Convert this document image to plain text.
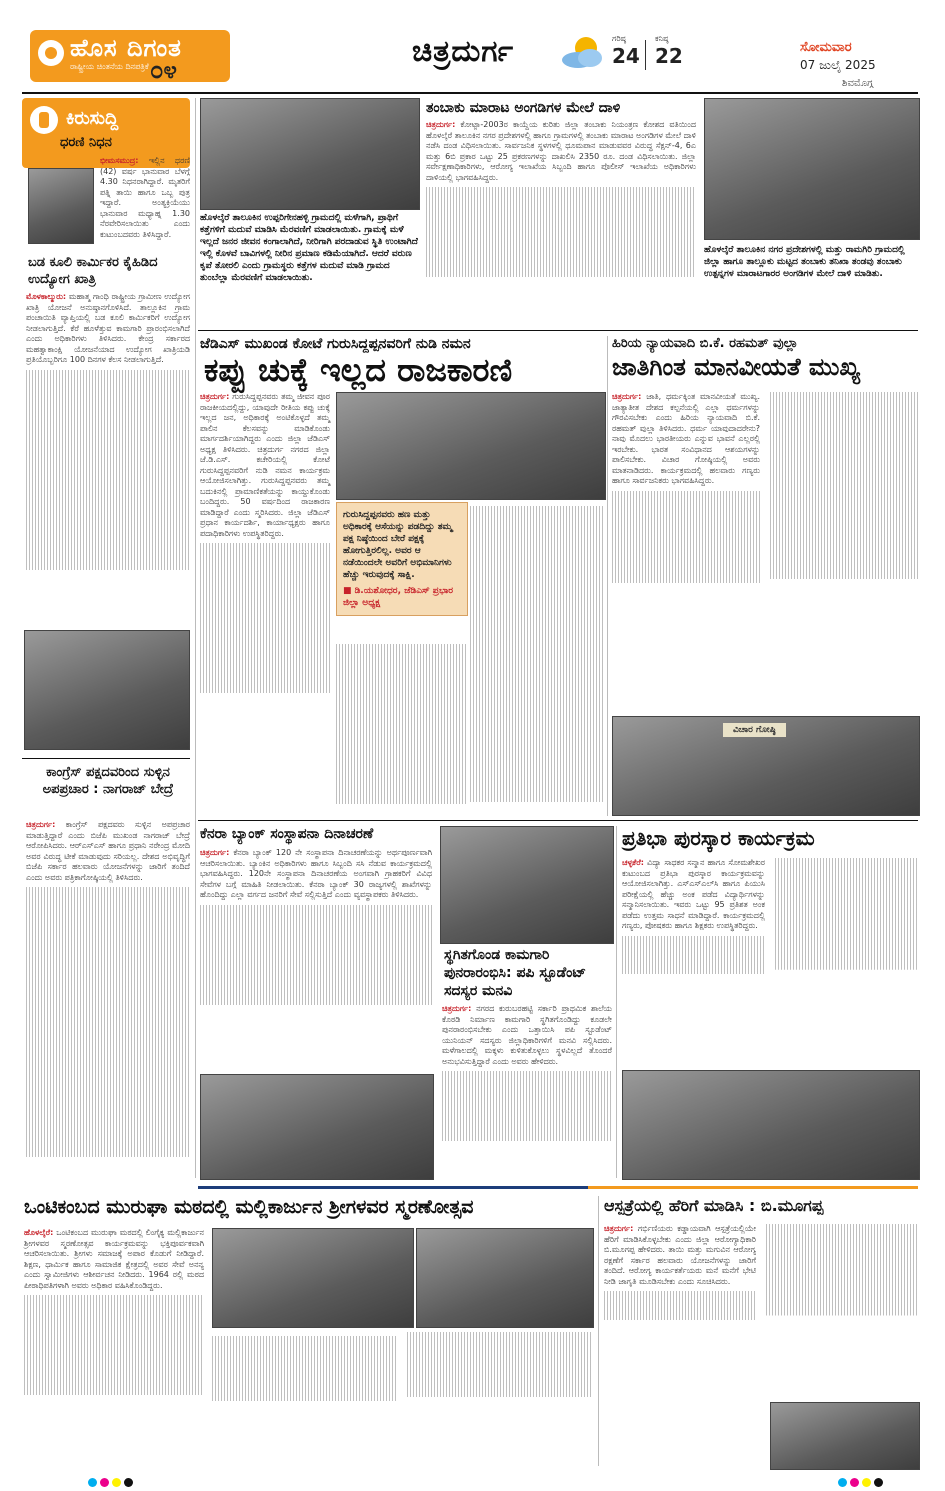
ಹೊಸ ದಿಗಂತ
ರಾಷ್ಟ್ರೀಯ ಚಿಂತನೆಯ ದಿನಪತ್ರಿಕೆ ೦೪
ಚಿತ್ರದುರ್ಗ	ಗರಿಷ್ಠ
24
ಕನಿಷ್ಠ
22	ಸೋಮವಾರ
07 ಜುಲೈ 2025
ಶಿವಮೊಗ್ಗ
ಕಿರುಸುದ್ದಿ
ಧರಣಿ ನಿಧನ
ಭೀಮಸಮುದ್ರ: ಇಲ್ಲಿನ ಧರಣಿ (42) ವರ್ಷ ಭಾನುವಾರ ಬೆಳಗ್ಗೆ 4.30 ನಿಧನರಾಗಿದ್ದಾರೆ. ಮೃತರಿಗೆ ಪತ್ನಿ ತಾಯಿ ಹಾಗೂ ಒಬ್ಬ ಪುತ್ರ ಇದ್ದಾರೆ. ಅಂತ್ಯಕ್ರಿಯೆಯು ಭಾನುವಾರ ಮಧ್ಯಾಹ್ನ 1.30 ನೆರವೇರಿಸಲಾಯಿತು ಎಂದು ಕುಟುಂಬದವರು ತಿಳಿಸಿದ್ದಾರೆ.
ಬಡ ಕೂಲಿ ಕಾರ್ಮಿಕರ ಕೈಹಿಡಿದ ಉದ್ಯೋಗ ಖಾತ್ರಿ
ಮೊಳಕಾಲ್ಮುರು: ಮಹಾತ್ಮ ಗಾಂಧಿ ರಾಷ್ಟ್ರೀಯ ಗ್ರಾಮೀಣ ಉದ್ಯೋಗ ಖಾತ್ರಿ ಯೋಜನೆ ಅನುಷ್ಠಾನಗೊಳಿಸಿದೆ. ತಾಲ್ಲೂಕಿನ ಗ್ರಾಮ ಪಂಚಾಯಿತಿ ವ್ಯಾಪ್ತಿಯಲ್ಲಿ ಬಡ ಕೂಲಿ ಕಾರ್ಮಿಕರಿಗೆ ಉದ್ಯೋಗ ನೀಡಲಾಗುತ್ತಿದೆ. ಕೆರೆ ಹೂಳೆತ್ತುವ ಕಾಮಗಾರಿ ಪ್ರಾರಂಭಿಸಲಾಗಿದೆ ಎಂದು ಅಧಿಕಾರಿಗಳು ತಿಳಿಸಿದರು. ಕೇಂದ್ರ ಸರ್ಕಾರದ ಮಹತ್ವಾಕಾಂಕ್ಷಿ ಯೋಜನೆಯಾದ ಉದ್ಯೋಗ ಖಾತ್ರಿಯಡಿ ಪ್ರತಿಯೊಬ್ಬರಿಗೂ 100 ದಿನಗಳ ಕೆಲಸ ನೀಡಲಾಗುತ್ತಿದೆ.
ಕಾಂಗ್ರೆಸ್ ಪಕ್ಷದವರಿಂದ ಸುಳ್ಳಿನ ಅಪಪ್ರಚಾರ : ನಾಗರಾಜ್ ಬೇದ್ರೆ
ಚಿತ್ರದುರ್ಗ: ಕಾಂಗ್ರೆಸ್ ಪಕ್ಷದವರು ಸುಳ್ಳಿನ ಅಪಪ್ರಚಾರ ಮಾಡುತ್ತಿದ್ದಾರೆ ಎಂದು ಬಿಜೆಪಿ ಮುಖಂಡ ನಾಗರಾಜ್ ಬೇದ್ರೆ ಆರೋಪಿಸಿದರು. ಆರ್‌ಎಸ್‌ಎಸ್ ಹಾಗೂ ಪ್ರಧಾನಿ ನರೇಂದ್ರ ಮೋದಿ ಅವರ ವಿರುದ್ಧ ಟೀಕೆ ಮಾಡುವುದು ಸರಿಯಲ್ಲ. ದೇಶದ ಅಭಿವೃದ್ಧಿಗೆ ಬಿಜೆಪಿ ಸರ್ಕಾರ ಹಲವಾರು ಯೋಜನೆಗಳನ್ನು ಜಾರಿಗೆ ತಂದಿದೆ ಎಂದು ಅವರು ಪತ್ರಿಕಾಗೋಷ್ಠಿಯಲ್ಲಿ ತಿಳಿಸಿದರು.
ಹೊಳಲ್ಕೆರೆ ತಾಲೂಕಿನ ಉಪ್ಪರಿಗೇನಹಳ್ಳಿ ಗ್ರಾಮದಲ್ಲಿ ಮಳೆಗಾಗಿ, ಪ್ರಾಥಿಗೆ ಕತ್ತೆಗಳಿಗೆ ಮದುವೆ ಮಾಡಿಸಿ ಮೆರವಣಿಗೆ ಮಾಡಲಾಯಿತು. ಗ್ರಾಮಕ್ಕೆ ಮಳೆ ಇಲ್ಲದೆ ಜನರ ಜೀವನ ಕಂಗಾಲಾಗಿದೆ, ನೀರಿಗಾಗಿ ಪರದಾಡುವ ಸ್ಥಿತಿ ಉಂಟಾಗಿದೆ ಇಲ್ಲಿ ಕೊಳವೆ ಬಾವಿಗಳಲ್ಲಿ ನೀರಿನ ಪ್ರಮಾಣ ಕಡಿಮೆಯಾಗಿದೆ. ಆದರೆ ವರುಣ ಕೃಪೆ ತೋರಲಿ ಎಂದು ಗ್ರಾಮಸ್ಥರು ಕತ್ತೆಗಳ ಮದುವೆ ಮಾಡಿ ಗ್ರಾಮದ ತುಂಬೆಲ್ಲಾ ಮೆರವಣಿಗೆ ಮಾಡಲಾಯಿತು.
ತಂಬಾಕು ಮಾರಾಟ ಅಂಗಡಿಗಳ ಮೇಲೆ ದಾಳಿ
ಚಿತ್ರದುರ್ಗ: ಕೋಟ್ಪಾ-2003ರ ಕಾಯ್ದೆಯ ಕುರಿತು ಜಿಲ್ಲಾ ತಂಬಾಕು ನಿಯಂತ್ರಣ ಕೋಶದ ವತಿಯಿಂದ ಹೊಳಲ್ಕೆರೆ ತಾಲೂಕಿನ ನಗರ ಪ್ರದೇಶಗಳಲ್ಲಿ ಹಾಗೂ ಗ್ರಾಮಗಳಲ್ಲಿ ತಂಬಾಕು ಮಾರಾಟ ಅಂಗಡಿಗಳ ಮೇಲೆ ದಾಳಿ ನಡೆಸಿ ದಂಡ ವಿಧಿಸಲಾಯಿತು. ಸಾರ್ವಜನಿಕ ಸ್ಥಳಗಳಲ್ಲಿ ಧೂಮಪಾನ ಮಾಡುವವರ ವಿರುದ್ಧ ಸೆಕ್ಷನ್-4, 6ಎ ಮತ್ತು 6ಬಿ ಪ್ರಕಾರ ಒಟ್ಟು 25 ಪ್ರಕರಣಗಳನ್ನು ದಾಖಲಿಸಿ 2350 ರೂ. ದಂಡ ವಿಧಿಸಲಾಯಿತು. ಜಿಲ್ಲಾ ಸರ್ವೇಕ್ಷಣಾಧಿಕಾರಿಗಳು, ಆರೋಗ್ಯ ಇಲಾಖೆಯ ಸಿಬ್ಬಂದಿ ಹಾಗೂ ಪೊಲೀಸ್ ಇಲಾಖೆಯ ಅಧಿಕಾರಿಗಳು ದಾಳಿಯಲ್ಲಿ ಭಾಗವಹಿಸಿದ್ದರು.
ಹೊಳಲ್ಕೆರೆ ತಾಲೂಕಿನ ನಗರ ಪ್ರದೇಶಗಳಲ್ಲಿ ಮತ್ತು ರಾಮಗಿರಿ ಗ್ರಾಮದಲ್ಲಿ ಜಿಲ್ಲಾ ಹಾಗೂ ತಾಲ್ಲೂಕು ಮಟ್ಟದ ತಂಬಾಕು ತನಿಖಾ ತಂಡವು ತಂಬಾಕು ಉತ್ಪನ್ನಗಳ ಮಾರಾಟಗಾರರ ಅಂಗಡಿಗಳ ಮೇಲೆ ದಾಳಿ ಮಾಡಿತು.
ಜೆಡಿಎಸ್ ಮುಖಂಡ ಕೋಟೆ ಗುರುಸಿದ್ದಪ್ಪನವರಿಗೆ ನುಡಿ ನಮನ
ಕಪ್ಪು ಚುಕ್ಕೆ ಇಲ್ಲದ ರಾಜಕಾರಣಿ
ಚಿತ್ರದುರ್ಗ: ಗುರುಸಿದ್ದಪ್ಪನವರು ತಮ್ಮ ಜೀವನ ಪೂರ ರಾಜಕೀಯದಲ್ಲಿದ್ದು, ಯಾವುದೇ ರೀತಿಯ ಕಪ್ಪು ಚುಕ್ಕೆ ಇಲ್ಲದ ಜನ, ಅಧಿಕಾರಕ್ಕೆ ಅಂಟಿಕೊಳ್ಳದೆ ತಮ್ಮ ಪಾಲಿನ ಕೆಲಸವನ್ನು ಮಾಡಿಕೊಂಡು ಮಾರ್ಗದರ್ಶಿಯಾಗಿದ್ದರು ಎಂದು ಜಿಲ್ಲಾ ಜೆಡಿಎಸ್ ಅಧ್ಯಕ್ಷ ತಿಳಿಸಿದರು. ಚಿತ್ರದುರ್ಗ ನಗರದ ಜಿಲ್ಲಾ ಜೆ.ಡಿ.ಎಸ್. ಕಚೇರಿಯಲ್ಲಿ ಕೋಟೆ ಗುರುಸಿದ್ದಪ್ಪನವರಿಗೆ ನುಡಿ ನಮನ ಕಾರ್ಯಕ್ರಮ ಆಯೋಜಿಸಲಾಗಿತ್ತು. ಗುರುಸಿದ್ದಪ್ಪನವರು ತಮ್ಮ ಬದುಕಿನಲ್ಲಿ ಪ್ರಾಮಾಣಿಕತೆಯನ್ನು ಕಾಯ್ದುಕೊಂಡು ಬಂದಿದ್ದರು. 50 ವರ್ಷದಿಂದ ರಾಜಕಾರಣ ಮಾಡಿದ್ದಾರೆ ಎಂದು ಸ್ಮರಿಸಿದರು. ಜಿಲ್ಲಾ ಜೆಡಿಎಸ್ ಪ್ರಧಾನ ಕಾರ್ಯದರ್ಶಿ, ಕಾರ್ಯಾಧ್ಯಕ್ಷರು ಹಾಗೂ ಪದಾಧಿಕಾರಿಗಳು ಉಪಸ್ಥಿತರಿದ್ದರು.
ಗುರುಸಿದ್ದಪ್ಪನವರು ಹಣ ಮತ್ತು ಅಧಿಕಾರಕ್ಕೆ ಆಸೆಯನ್ನು ಪಡದಿದ್ದು ತಮ್ಮ ಪಕ್ಷ ನಿಷ್ಠೆಯಿಂದ ಬೇರೆ ಪಕ್ಷಕ್ಕೆ ಹೋಗುತ್ತಿರಲಿಲ್ಲ. ಅವರ ಆ ನಡೆಯಿಂದಲೇ ಅವರಿಗೆ ಅಭಿಮಾನಿಗಳು ಹೆಚ್ಚು ಇರುವುದಕ್ಕೆ ಸಾಕ್ಷಿ.
■ ಡಿ.ಯಶೋಧರ, ಜೆಡಿಎಸ್ ಪ್ರಭಾರ ಜಿಲ್ಲಾ ಅಧ್ಯಕ್ಷ
ಹಿರಿಯ ನ್ಯಾಯವಾದಿ ಬಿ.ಕೆ. ರಹಮತ್ ವುಲ್ಲಾ
ಜಾತಿಗಿಂತ ಮಾನವೀಯತೆ ಮುಖ್ಯ
ಚಿತ್ರದುರ್ಗ: ಜಾತಿ, ಧರ್ಮಕ್ಕಿಂತ ಮಾನವೀಯತೆ ಮುಖ್ಯ. ಜಾತ್ಯಾತೀತ ದೇಶದ ಕಲ್ಪನೆಯಲ್ಲಿ ಎಲ್ಲಾ ಧರ್ಮಗಳನ್ನು ಗೌರವಿಸಬೇಕು ಎಂದು ಹಿರಿಯ ನ್ಯಾಯವಾದಿ ಬಿ.ಕೆ. ರಹಮತ್ ವುಲ್ಲಾ ತಿಳಿಸಿದರು. ಧರ್ಮ ಯಾವುದಾದರೇನು? ನಾವು ಮೊದಲು ಭಾರತೀಯರು ಎನ್ನುವ ಭಾವನೆ ಎಲ್ಲರಲ್ಲಿ ಇರಬೇಕು. ಭಾರತ ಸಂವಿಧಾನದ ಆಶಯಗಳನ್ನು ಪಾಲಿಸಬೇಕು. ವಿಚಾರ ಗೋಷ್ಠಿಯಲ್ಲಿ ಅವರು ಮಾತನಾಡಿದರು. ಕಾರ್ಯಕ್ರಮದಲ್ಲಿ ಹಲವಾರು ಗಣ್ಯರು ಹಾಗೂ ಸಾರ್ವಜನಿಕರು ಭಾಗವಹಿಸಿದ್ದರು.
ವಿಚಾರ ಗೋಷ್ಠಿ
ಕೆನರಾ ಬ್ಯಾಂಕ್ ಸಂಸ್ಥಾಪನಾ ದಿನಾಚರಣೆ
ಚಿತ್ರದುರ್ಗ: ಕೆನರಾ ಬ್ಯಾಂಕ್ 120 ನೇ ಸಂಸ್ಥಾಪನಾ ದಿನಾಚರಣೆಯನ್ನು ಅರ್ಥಪೂರ್ಣವಾಗಿ ಆಚರಿಸಲಾಯಿತು. ಬ್ಯಾಂಕಿನ ಅಧಿಕಾರಿಗಳು ಹಾಗೂ ಸಿಬ್ಬಂದಿ ಸಸಿ ನೆಡುವ ಕಾರ್ಯಕ್ರಮದಲ್ಲಿ ಭಾಗವಹಿಸಿದ್ದರು. 120ನೇ ಸಂಸ್ಥಾಪನಾ ದಿನಾಚರಣೆಯ ಅಂಗವಾಗಿ ಗ್ರಾಹಕರಿಗೆ ವಿವಿಧ ಸೇವೆಗಳ ಬಗ್ಗೆ ಮಾಹಿತಿ ನೀಡಲಾಯಿತು. ಕೆನರಾ ಬ್ಯಾಂಕ್ 30 ರಾಜ್ಯಗಳಲ್ಲಿ ಶಾಖೆಗಳನ್ನು ಹೊಂದಿದ್ದು ಎಲ್ಲಾ ವರ್ಗದ ಜನರಿಗೆ ಸೇವೆ ಸಲ್ಲಿಸುತ್ತಿದೆ ಎಂದು ವ್ಯವಸ್ಥಾಪಕರು ತಿಳಿಸಿದರು.
ಸ್ಥಗಿತಗೊಂಡ ಕಾಮಗಾರಿ ಪುನರಾರಂಭಿಸಿ: ಪಪಿ ಸ್ಟೂಡೆಂಟ್ ಸದಸ್ಯರ ಮನವಿ
ಚಿತ್ರದುರ್ಗ: ನಗರದ ಕುರುಬರಹಟ್ಟಿ ಸರ್ಕಾರಿ ಪ್ರಾಥಮಿಕ ಶಾಲೆಯ ಕೊಠಡಿ ನಿರ್ಮಾಣ ಕಾಮಗಾರಿ ಸ್ಥಗಿತಗೊಂಡಿದ್ದು ಕೂಡಲೇ ಪುನರಾರಂಭಿಸಬೇಕು ಎಂದು ಒತ್ತಾಯಿಸಿ ಪಪಿ ಸ್ಟೂಡೆಂಟ್ ಯುನಿಯನ್ ಸದಸ್ಯರು ಜಿಲ್ಲಾಧಿಕಾರಿಗಳಿಗೆ ಮನವಿ ಸಲ್ಲಿಸಿದರು. ಮಳೆಗಾಲದಲ್ಲಿ ಮಕ್ಕಳು ಕುಳಿತುಕೊಳ್ಳಲು ಸ್ಥಳವಿಲ್ಲದೆ ತೊಂದರೆ ಅನುಭವಿಸುತ್ತಿದ್ದಾರೆ ಎಂದು ಅವರು ಹೇಳಿದರು.
ಪ್ರತಿಭಾ ಪುರಸ್ಕಾರ ಕಾರ್ಯಕ್ರಮ
ಚಳ್ಳಕೆರೆ: ವಿದ್ಯಾ ಸಾಧಕರ ಸನ್ಮಾನ ಹಾಗೂ ಸೋಮಶೇಖರ ಕುಟುಂಬದ ಪ್ರತಿಭಾ ಪುರಸ್ಕಾರ ಕಾರ್ಯಕ್ರಮವನ್ನು ಆಯೋಜಿಸಲಾಗಿತ್ತು. ಎಸ್‌ಎಸ್‌ಎಲ್‌ಸಿ ಹಾಗೂ ಪಿಯುಸಿ ಪರೀಕ್ಷೆಯಲ್ಲಿ ಹೆಚ್ಚು ಅಂಕ ಪಡೆದ ವಿದ್ಯಾರ್ಥಿಗಳನ್ನು ಸನ್ಮಾನಿಸಲಾಯಿತು. ಇವರು ಒಟ್ಟು 95 ಪ್ರತಿಶತ ಅಂಕ ಪಡೆದು ಉತ್ತಮ ಸಾಧನೆ ಮಾಡಿದ್ದಾರೆ. ಕಾರ್ಯಕ್ರಮದಲ್ಲಿ ಗಣ್ಯರು, ಪೋಷಕರು ಹಾಗೂ ಶಿಕ್ಷಕರು ಉಪಸ್ಥಿತರಿದ್ದರು.
ಒಂಟಿಕಂಬದ ಮುರುಘಾ ಮಠದಲ್ಲಿ ಮಲ್ಲಿಕಾರ್ಜುನ ಶ್ರೀಗಳವರ ಸ್ಮರಣೋತ್ಸವ
ಹೊಳಲ್ಕೆರೆ: ಒಂಟಿಕಂಬದ ಮುರುಘಾ ಮಠದಲ್ಲಿ ಲಿಂಗೈಕ್ಯ ಮಲ್ಲಿಕಾರ್ಜುನ ಶ್ರೀಗಳವರ ಸ್ಮರಣೋತ್ಸವ ಕಾರ್ಯಕ್ರಮವನ್ನು ಭಕ್ತಿಪೂರ್ವಕವಾಗಿ ಆಚರಿಸಲಾಯಿತು. ಶ್ರೀಗಳು ಸಮಾಜಕ್ಕೆ ಅಪಾರ ಕೊಡುಗೆ ನೀಡಿದ್ದಾರೆ. ಶಿಕ್ಷಣ, ಧಾರ್ಮಿಕ ಹಾಗೂ ಸಾಮಾಜಿಕ ಕ್ಷೇತ್ರದಲ್ಲಿ ಅವರ ಸೇವೆ ಅನನ್ಯ ಎಂದು ಸ್ವಾಮೀಜಿಗಳು ಆಶೀರ್ವಚನ ನೀಡಿದರು. 1964 ರಲ್ಲಿ ಮಠದ ಪೀಠಾಧಿಪತಿಗಳಾಗಿ ಅವರು ಅಧಿಕಾರ ವಹಿಸಿಕೊಂಡಿದ್ದರು.
ಆಸ್ಪತ್ರೆಯಲ್ಲಿ ಹೆರಿಗೆ ಮಾಡಿಸಿ : ಬಿ.ಮೂಗಪ್ಪ
ಚಿತ್ರದುರ್ಗ: ಗರ್ಭಿಣಿಯರು ಕಡ್ಡಾಯವಾಗಿ ಆಸ್ಪತ್ರೆಯಲ್ಲಿಯೇ ಹೆರಿಗೆ ಮಾಡಿಸಿಕೊಳ್ಳಬೇಕು ಎಂದು ಜಿಲ್ಲಾ ಆರೋಗ್ಯಾಧಿಕಾರಿ ಬಿ.ಮೂಗಪ್ಪ ಹೇಳಿದರು. ತಾಯಿ ಮತ್ತು ಮಗುವಿನ ಆರೋಗ್ಯ ರಕ್ಷಣೆಗೆ ಸರ್ಕಾರ ಹಲವಾರು ಯೋಜನೆಗಳನ್ನು ಜಾರಿಗೆ ತಂದಿದೆ. ಆರೋಗ್ಯ ಕಾರ್ಯಕರ್ತೆಯರು ಮನೆ ಮನೆಗೆ ಭೇಟಿ ನೀಡಿ ಜಾಗೃತಿ ಮೂಡಿಸಬೇಕು ಎಂದು ಸೂಚಿಸಿದರು.
